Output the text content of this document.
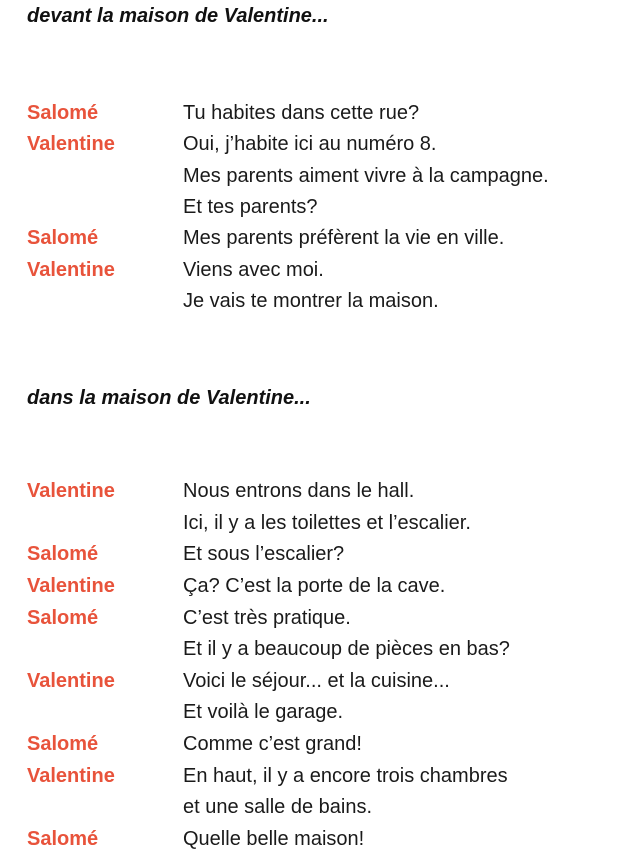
devant la maison de Valentine...
Salomé	Tu habites dans cette rue?
Valentine	Oui, j’habite ici au numéro 8.
Mes parents aiment vivre à la campagne.
Et tes parents?
Salomé	Mes parents préfèrent la vie en ville.
Valentine	Viens avec moi.
Je vais te montrer la maison.
dans la maison de Valentine...
Valentine	Nous entrons dans le hall.
Ici, il y a les toilettes et l’escalier.
Salomé	Et sous l’escalier?
Valentine	Ça? C’est la porte de la cave.
Salomé	C’est très pratique.
Et il y a beaucoup de pièces en bas?
Valentine	Voici le séjour... et la cuisine...
Et voilà le garage.
Salomé	Comme c’est grand!
Valentine	En haut, il y a encore trois chambres
et une salle de bains.
Salomé	Quelle belle maison!
